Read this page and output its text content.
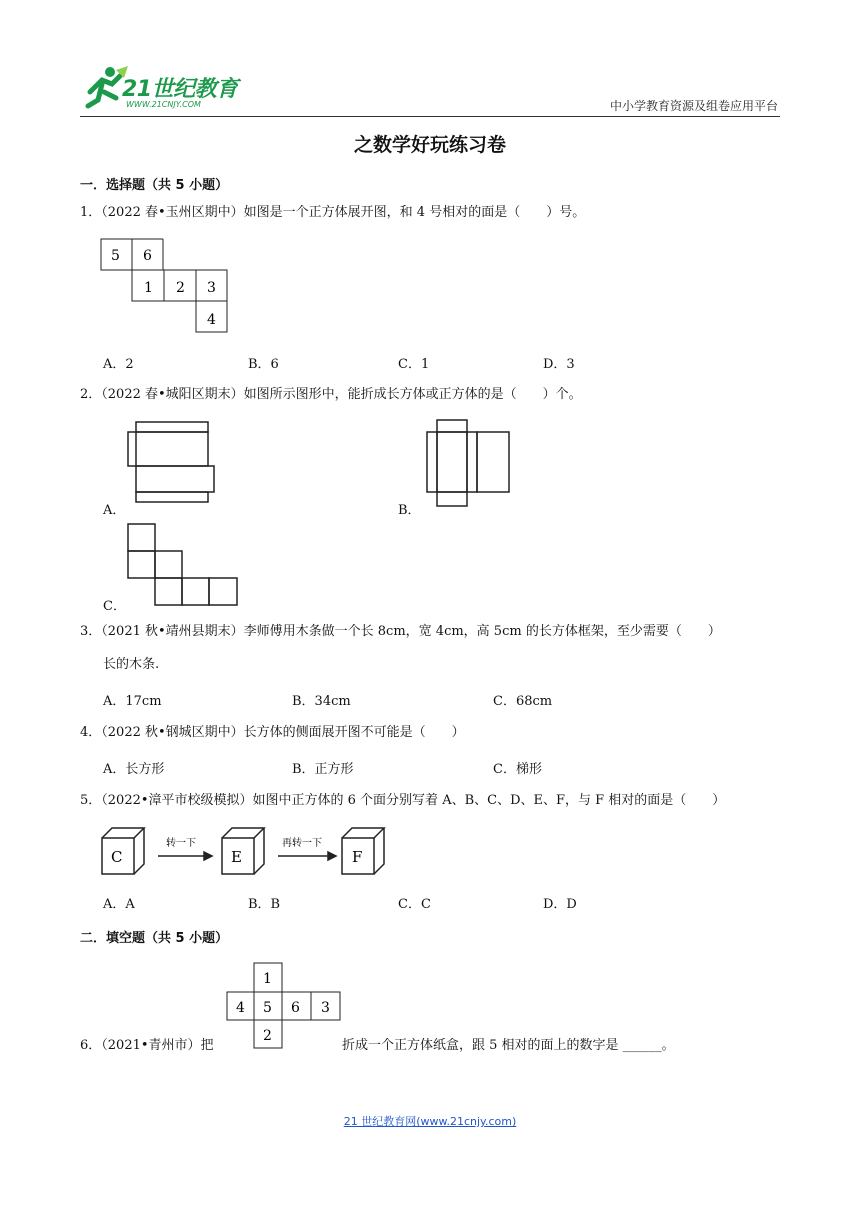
21世纪教育
WWW.21CNJY.COM	中小学教育资源及组卷应用平台
之数学好玩练习卷
一．选择题（共 5 小题）
1．（2022 春•玉州区期中）如图是一个正方体展开图，和 4 号相对的面是（　　）号。
5 6
1 2 3
4
A．2	B．6	C．1	D．3
2．（2022 春•城阳区期末）如图所示图形中，能折成长方体或正方体的是（　　）个。
A．	B．
C．
3．（2021 秋•靖州县期末）李师傅用木条做一个长 8cm，宽 4cm，高 5cm 的长方体框架，至少需要（　　）
长的木条.
A．17cm	B．34cm	C．68cm
4．（2022 秋•钢城区期中）长方体的侧面展开图不可能是（　　）
A．长方形	B．正方形	C．梯形
5．（2022•漳平市校级模拟）如图中正方体的 6 个面分别写着 A、B、C、D、E、F，与 F 相对的面是（　　）
C	E	F
转一下	再转一下
A．A	B．B	C．C	D．D
二．填空题（共 5 小题）
6．（2021•青州市）把
1
4 5 6 3
2
折成一个正方体纸盒，跟 5 相对的面上的数字是 ______。
21 世纪教育网(www.21cnjy.com)
